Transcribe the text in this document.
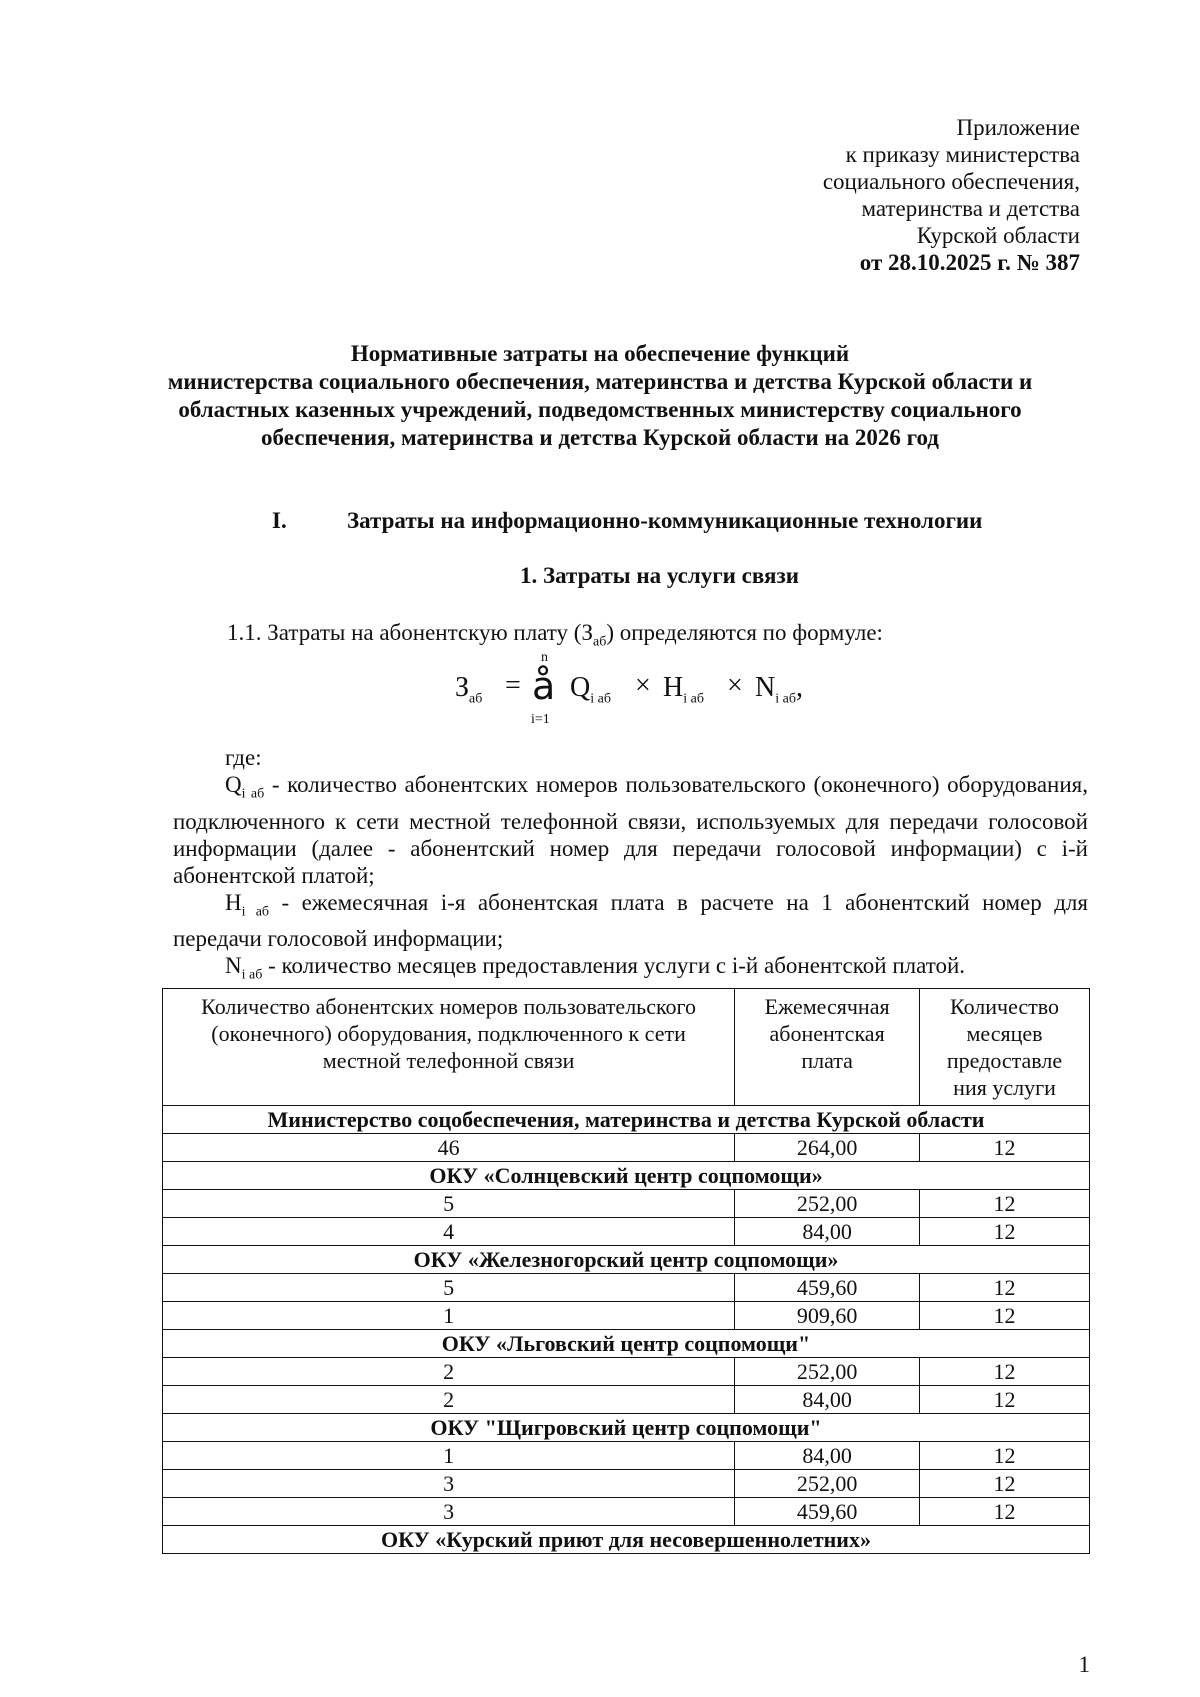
Приложение
к приказу министерства
социального обеспечения,
материнства и детства
Курской области
от 28.10.2025 г. № 387
Нормативные затраты на обеспечение функций
министерства социального обеспечения, материнства и детства Курской области и
областных казенных учреждений, подведомственных министерству социального
обеспечения, материнства и детства Курской области на 2026 год
I.	Затраты на информационно-коммуникационные технологии
1. Затраты на услуги связи
1.1. Затраты на абонентскую плату $(З_{аб})$ определяются по формуле:
$З_{аб}$ =
n
å
i=1
$Q_{i аб} \times H_{i аб} \times N_{i аб}$,

где:

$Q_{i аб}$ - количество абонентских номеров пользовательского (оконечного) оборудования, подключенного к сети местной телефонной связи, используемых для передачи голосовой информации (далее - абонентский номер для передачи голосовой информации) с i-й абонентской платой;

$H_{i аб}$ - ежемесячная i-я абонентская плата в расчете на 1 абонентский номер для передачи голосовой информации;

$N_{i аб}$ - количество месяцев предоставления услуги с i-й абонентской платой.

Количество абонентских номеров пользовательского (оконечного) оборудования, подключенного к сети местной телефонной связи	Ежемесячная абонентская плата	Количество месяцев предоставле ния услуги
Министерство соцобеспечения, материнства и детства Курской области		
46	264,00	12
ОКУ «Солнцевский центр соцпомощи»		
5	252,00	12
4	84,00	12
ОКУ «Железногорский центр соцпомощи»		
5	459,60	12
1	909,60	12
ОКУ «Льговский центр соцпомощи"		
2	252,00	12
2	84,00	12
ОКУ "Щигровский центр соцпомощи"		
1	84,00	12
3	252,00	12
3	459,60	12
ОКУ «Курский приют для несовершеннолетних»		
1
